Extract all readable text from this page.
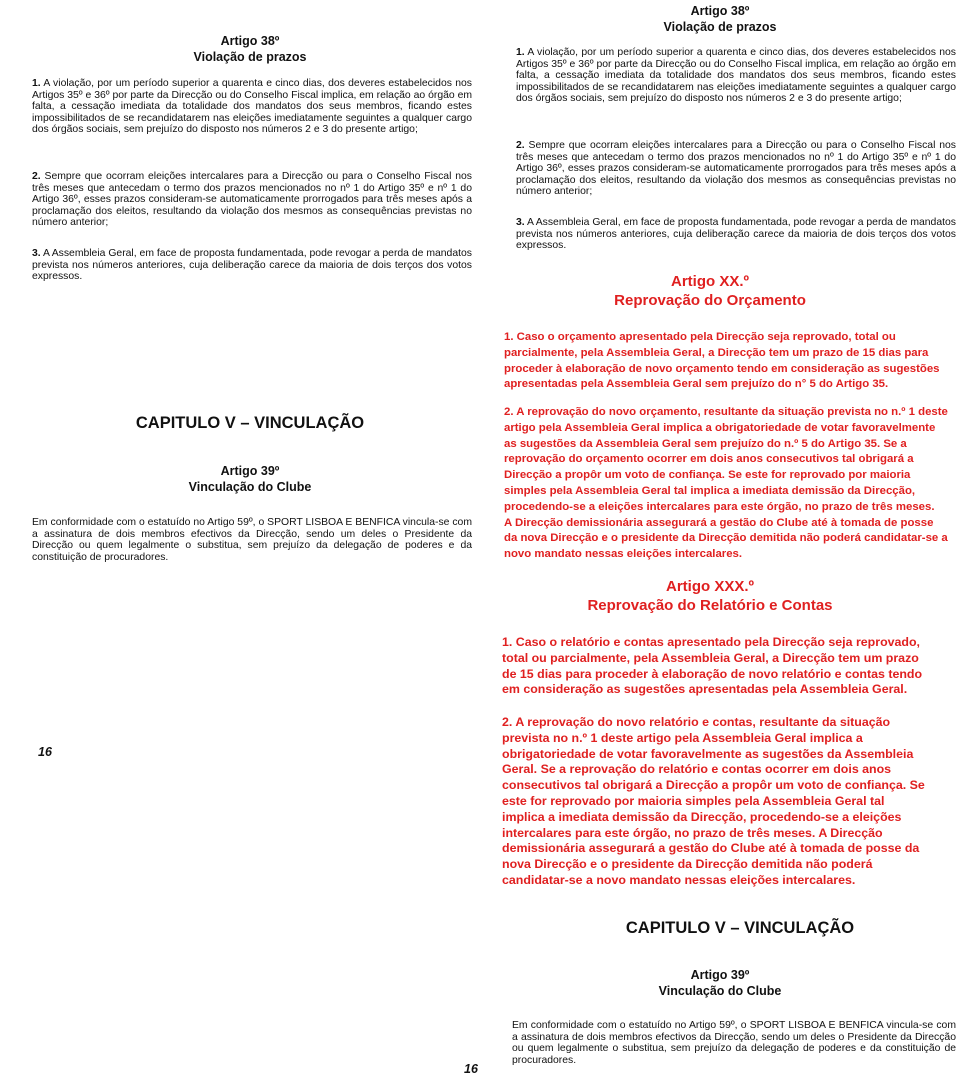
Artigo 38º
Violação de prazos
1. A violação, por um período superior a quarenta e cinco dias, dos deveres estabelecidos nos Artigos 35º e 36º por parte da Direcção ou do Conselho Fiscal implica, em relação ao órgão em falta, a cessação imediata da totalidade dos mandatos dos seus membros, ficando estes impossibilitados de se recandidatarem nas eleições imediatamente seguintes a qualquer cargo dos órgãos sociais, sem prejuízo do disposto nos números 2 e 3 do presente artigo;
2. Sempre que ocorram eleições intercalares para a Direcção ou para o Conselho Fiscal nos três meses que antecedam o termo dos prazos mencionados no nº 1 do Artigo 35º e nº 1 do Artigo 36º, esses prazos consideram-se automaticamente prorrogados para três meses após a proclamação dos eleitos, resultando da violação dos mesmos as consequências previstas no número anterior;
3. A Assembleia Geral, em face de proposta fundamentada, pode revogar a perda de mandatos prevista nos números anteriores, cuja deliberação carece da maioria de dois terços dos votos expressos.
CAPITULO V – VINCULAÇÃO
Artigo 39º
Vinculação do Clube
Em conformidade com o estatuído no Artigo 59º, o SPORT LISBOA E BENFICA vincula-se com a assinatura de dois membros efectivos da Direcção, sendo um deles o Presidente da Direcção ou quem legalmente o substitua, sem prejuízo da delegação de poderes e da constituição de procuradores.
16
Artigo 38º
Violação de prazos
1. A violação, por um período superior a quarenta e cinco dias, dos deveres estabelecidos nos Artigos 35º e 36º por parte da Direcção ou do Conselho Fiscal implica, em relação ao órgão em falta, a cessação imediata da totalidade dos mandatos dos seus membros, ficando estes impossibilitados de se recandidatarem nas eleições imediatamente seguintes a qualquer cargo dos órgãos sociais, sem prejuízo do disposto nos números 2 e 3 do presente artigo;
2. Sempre que ocorram eleições intercalares para a Direcção ou para o Conselho Fiscal nos três meses que antecedam o termo dos prazos mencionados no nº 1 do Artigo 35º e nº 1 do Artigo 36º, esses prazos consideram-se automaticamente prorrogados para três meses após a proclamação dos eleitos, resultando da violação dos mesmos as consequências previstas no número anterior;
3. A Assembleia Geral, em face de proposta fundamentada, pode revogar a perda de mandatos prevista nos números anteriores, cuja deliberação carece da maioria de dois terços dos votos expressos.
Artigo XX.º
Reprovação do Orçamento
1. Caso o orçamento apresentado pela Direcção seja reprovado, total ou
parcialmente, pela Assembleia Geral, a Direcção tem um prazo de 15 dias para
proceder à elaboração de novo orçamento tendo em consideração as sugestões
apresentadas pela Assembleia Geral sem prejuízo do n° 5 do Artigo 35.
2. A reprovação do novo orçamento, resultante da situação prevista no n.º 1 deste
artigo pela Assembleia Geral implica a obrigatoriedade de votar favoravelmente
as sugestões da Assembleia Geral sem prejuízo do n.º 5 do Artigo 35. Se a
reprovação do orçamento ocorrer em dois anos consecutivos tal obrigará a
Direcção a propôr um voto de confiança. Se este for reprovado por maioria
simples pela Assembleia Geral tal implica a imediata demissão da Direcção,
procedendo-se a eleições intercalares para este órgão, no prazo de três meses.
A Direcção demissionária assegurará a gestão do Clube até à tomada de posse
da nova Direcção e o presidente da Direcção demitida não poderá candidatar-se a
novo mandato nessas eleições intercalares.
Artigo XXX.º
Reprovação do Relatório e Contas
1. Caso o relatório e contas apresentado pela Direcção seja reprovado,
total ou parcialmente, pela Assembleia Geral, a Direcção tem um prazo
de 15 dias para proceder à elaboração de novo relatório e contas tendo
em consideração as sugestões apresentadas pela Assembleia Geral.
2. A reprovação do novo relatório e contas, resultante da situação
prevista no n.º 1 deste artigo pela Assembleia Geral implica a
obrigatoriedade de votar favoravelmente as sugestões da Assembleia
Geral. Se a reprovação do relatório e contas ocorrer em dois anos
consecutivos tal obrigará a Direcção a propôr um voto de confiança. Se
este for reprovado por maioria simples pela Assembleia Geral tal
implica a imediata demissão da Direcção, procedendo-se a eleições
intercalares para este órgão, no prazo de três meses. A Direcção
demissionária assegurará a gestão do Clube até à tomada de posse da
nova Direcção e o presidente da Direcção demitida não poderá
candidatar-se a novo mandato nessas eleições intercalares.
CAPITULO V – VINCULAÇÃO
Artigo 39º
Vinculação do Clube
Em conformidade com o estatuído no Artigo 59º, o SPORT LISBOA E BENFICA vincula-se com a assinatura de dois membros efectivos da Direcção, sendo um deles o Presidente da Direcção ou quem legalmente o substitua, sem prejuízo da delegação de poderes e da constituição de procuradores.
16
